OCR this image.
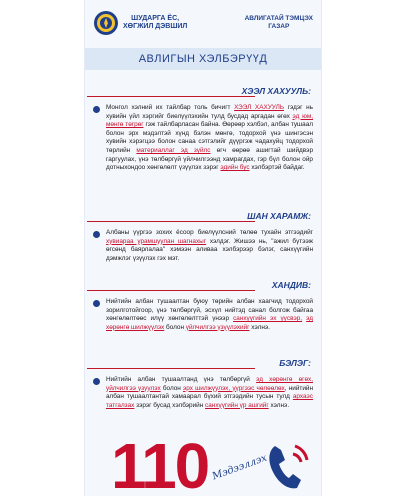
ШУДАРГА ЁС,
ХӨГЖИЛ ДЭВШИЛ
АВЛИГАТАЙ ТЭМЦЭХ
ГАЗАР
АВЛИГЫН ХЭЛБЭРҮҮД
ХЭЭЛ ХАХУУЛЬ:

Монгол хэлний их тайлбар толь бичигт ХЭЭЛ ХАХУУЛЬ гэдэг нь хувийн үйл хэргийг биелүүлэхийн тулд бусдад аргадан өгөх эд юм, мөнгө төгрөг гэж тайлбарласан байна. Өөрөөр хэлбэл, албан тушаал болон эрх мэдэлтэй хүнд бэлэн мөнгө, тодорхой үнэ шингэсэн хувийн хэрэгцээ болон санаа сэтгэлийг дүүргэж чадахуйц тодорхой төрлийн материаллаг эд зүйлс өгч өөрөө ашигтай шийдвэр гаргуулах, үнэ төлбөргүй үйлчилгээнд хамрагдах, гэр бүл болон ойр дотныхондоо хөнгөлөлт үзүүлэх зэрэг эдийн бус хэлбэртэй байдаг.

ШАН ХАРАМЖ:

Албаны үүргээ зохих ёсоор биелүүлсний төлөө тухайн этгээдийг хувиараа урамшуулан шагнахыг хэлдэг. Жишээ нь, "ажил бүтээж өгсөнд баярлалаа" хэмээн аливаа хэлбэрээр бэлэг, санхүүгийн дэмжлэг үзүүлэх гэх мэт.

ХАНДИВ:

Нийтийн албан тушаалтан буюу төрийн албан хаагчид тодорхой зорилготойгоор, үнэ төлбөргүй, эсхүл нийтэд санал болгож байгаа хөнгөлөлтөөс илүү хөнгөлөлттэй үнээр санхүүгийн эх үүсвэр, эд хөрөнгө шилжүүлэх болон үйлчилгээ үзүүлэхийг хэлнэ.

БЭЛЭГ:

Нийтийн албан тушаалтанд үнэ төлбөргүй эд хөрөнгө өгөх, үйлчилгээ үзүүлэх болон эрх шилжүүлэх, үүргээс чөлөөлөх, нийтийн албан тушаалтантай хамаарал бүхий этгээдийн тусын тулд архаэс татгалзах зэрэг бусад хэлбэрийн санхүүгийн үр ашгийг хэлнэ.

110 Мэдээллэх
